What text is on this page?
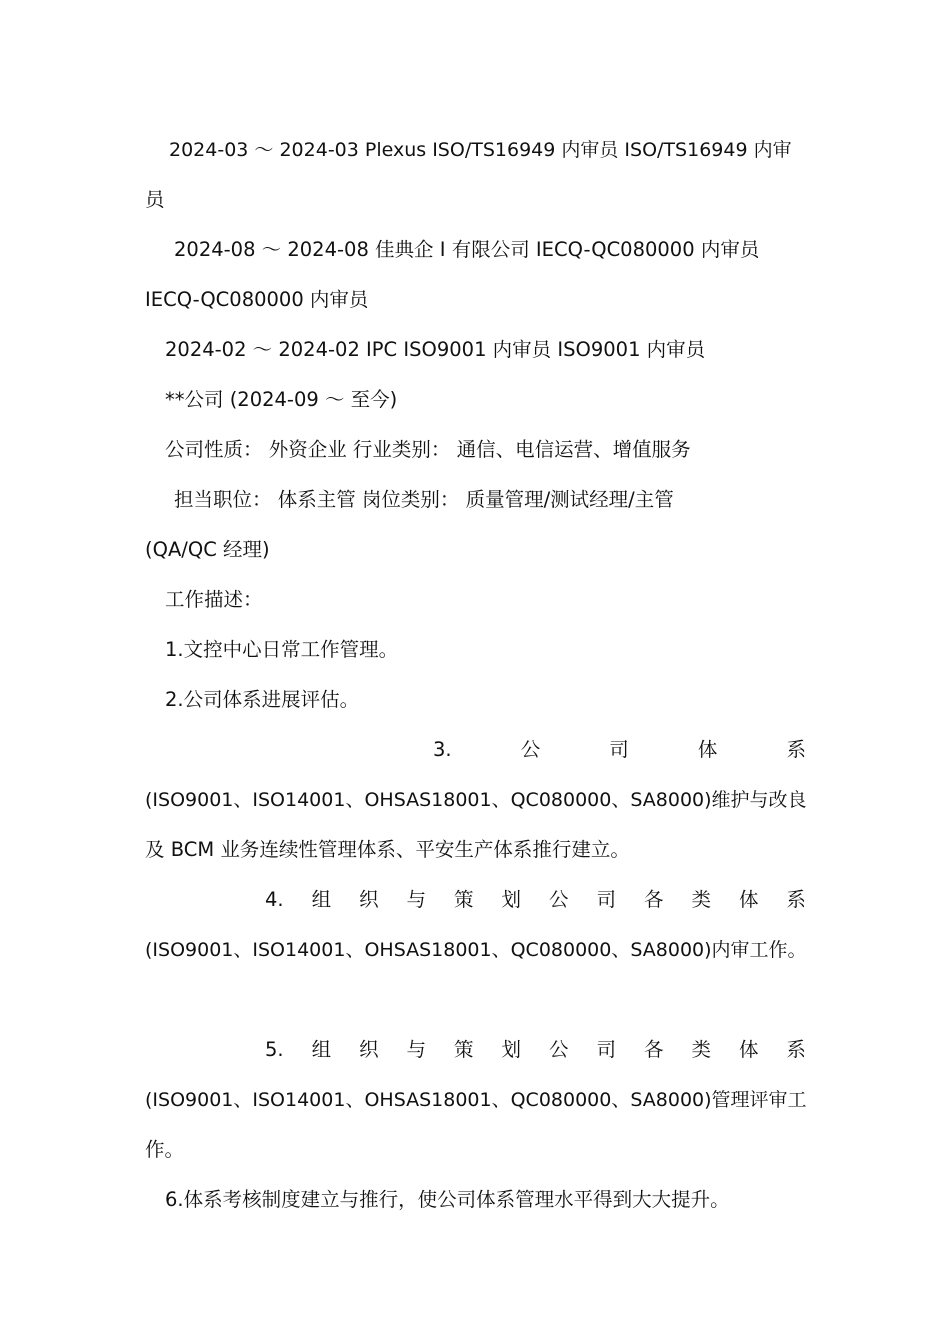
2024-03 ～ 2024-03 Plexus ISO/TS16949 内审员 ISO/TS16949 内审
员
2024-08 ～ 2024-08 佳典企 I 有限公司 IECQ-QC080000 内审员
IECQ-QC080000 内审员
2024-02 ～ 2024-02 IPC ISO9001 内审员 ISO9001 内审员
**公司 (2024-09 ～ 至今)
公司性质： 外资企业 行业类别： 通信、电信运营、增值服务
担当职位： 体系主管 岗位类别： 质量管理/测试经理/主管
(QA/QC 经理)
工作描述：
1.文控中心日常工作管理。
2.公司体系进展评估。
3.	公	司	体	系
(ISO9001、ISO14001、OHSAS18001、QC080000、SA8000)维护与改良
及 BCM 业务连续性管理体系、平安生产体系推行建立。
4. 组 织 与 策 划 公 司 各 类 体 系
(ISO9001、ISO14001、OHSAS18001、QC080000、SA8000)内审工作。
5. 组 织 与 策 划 公 司 各 类 体 系
(ISO9001、ISO14001、OHSAS18001、QC080000、SA8000)管理评审工
作。
6.体系考核制度建立与推行，使公司体系管理水平得到大大提升。
